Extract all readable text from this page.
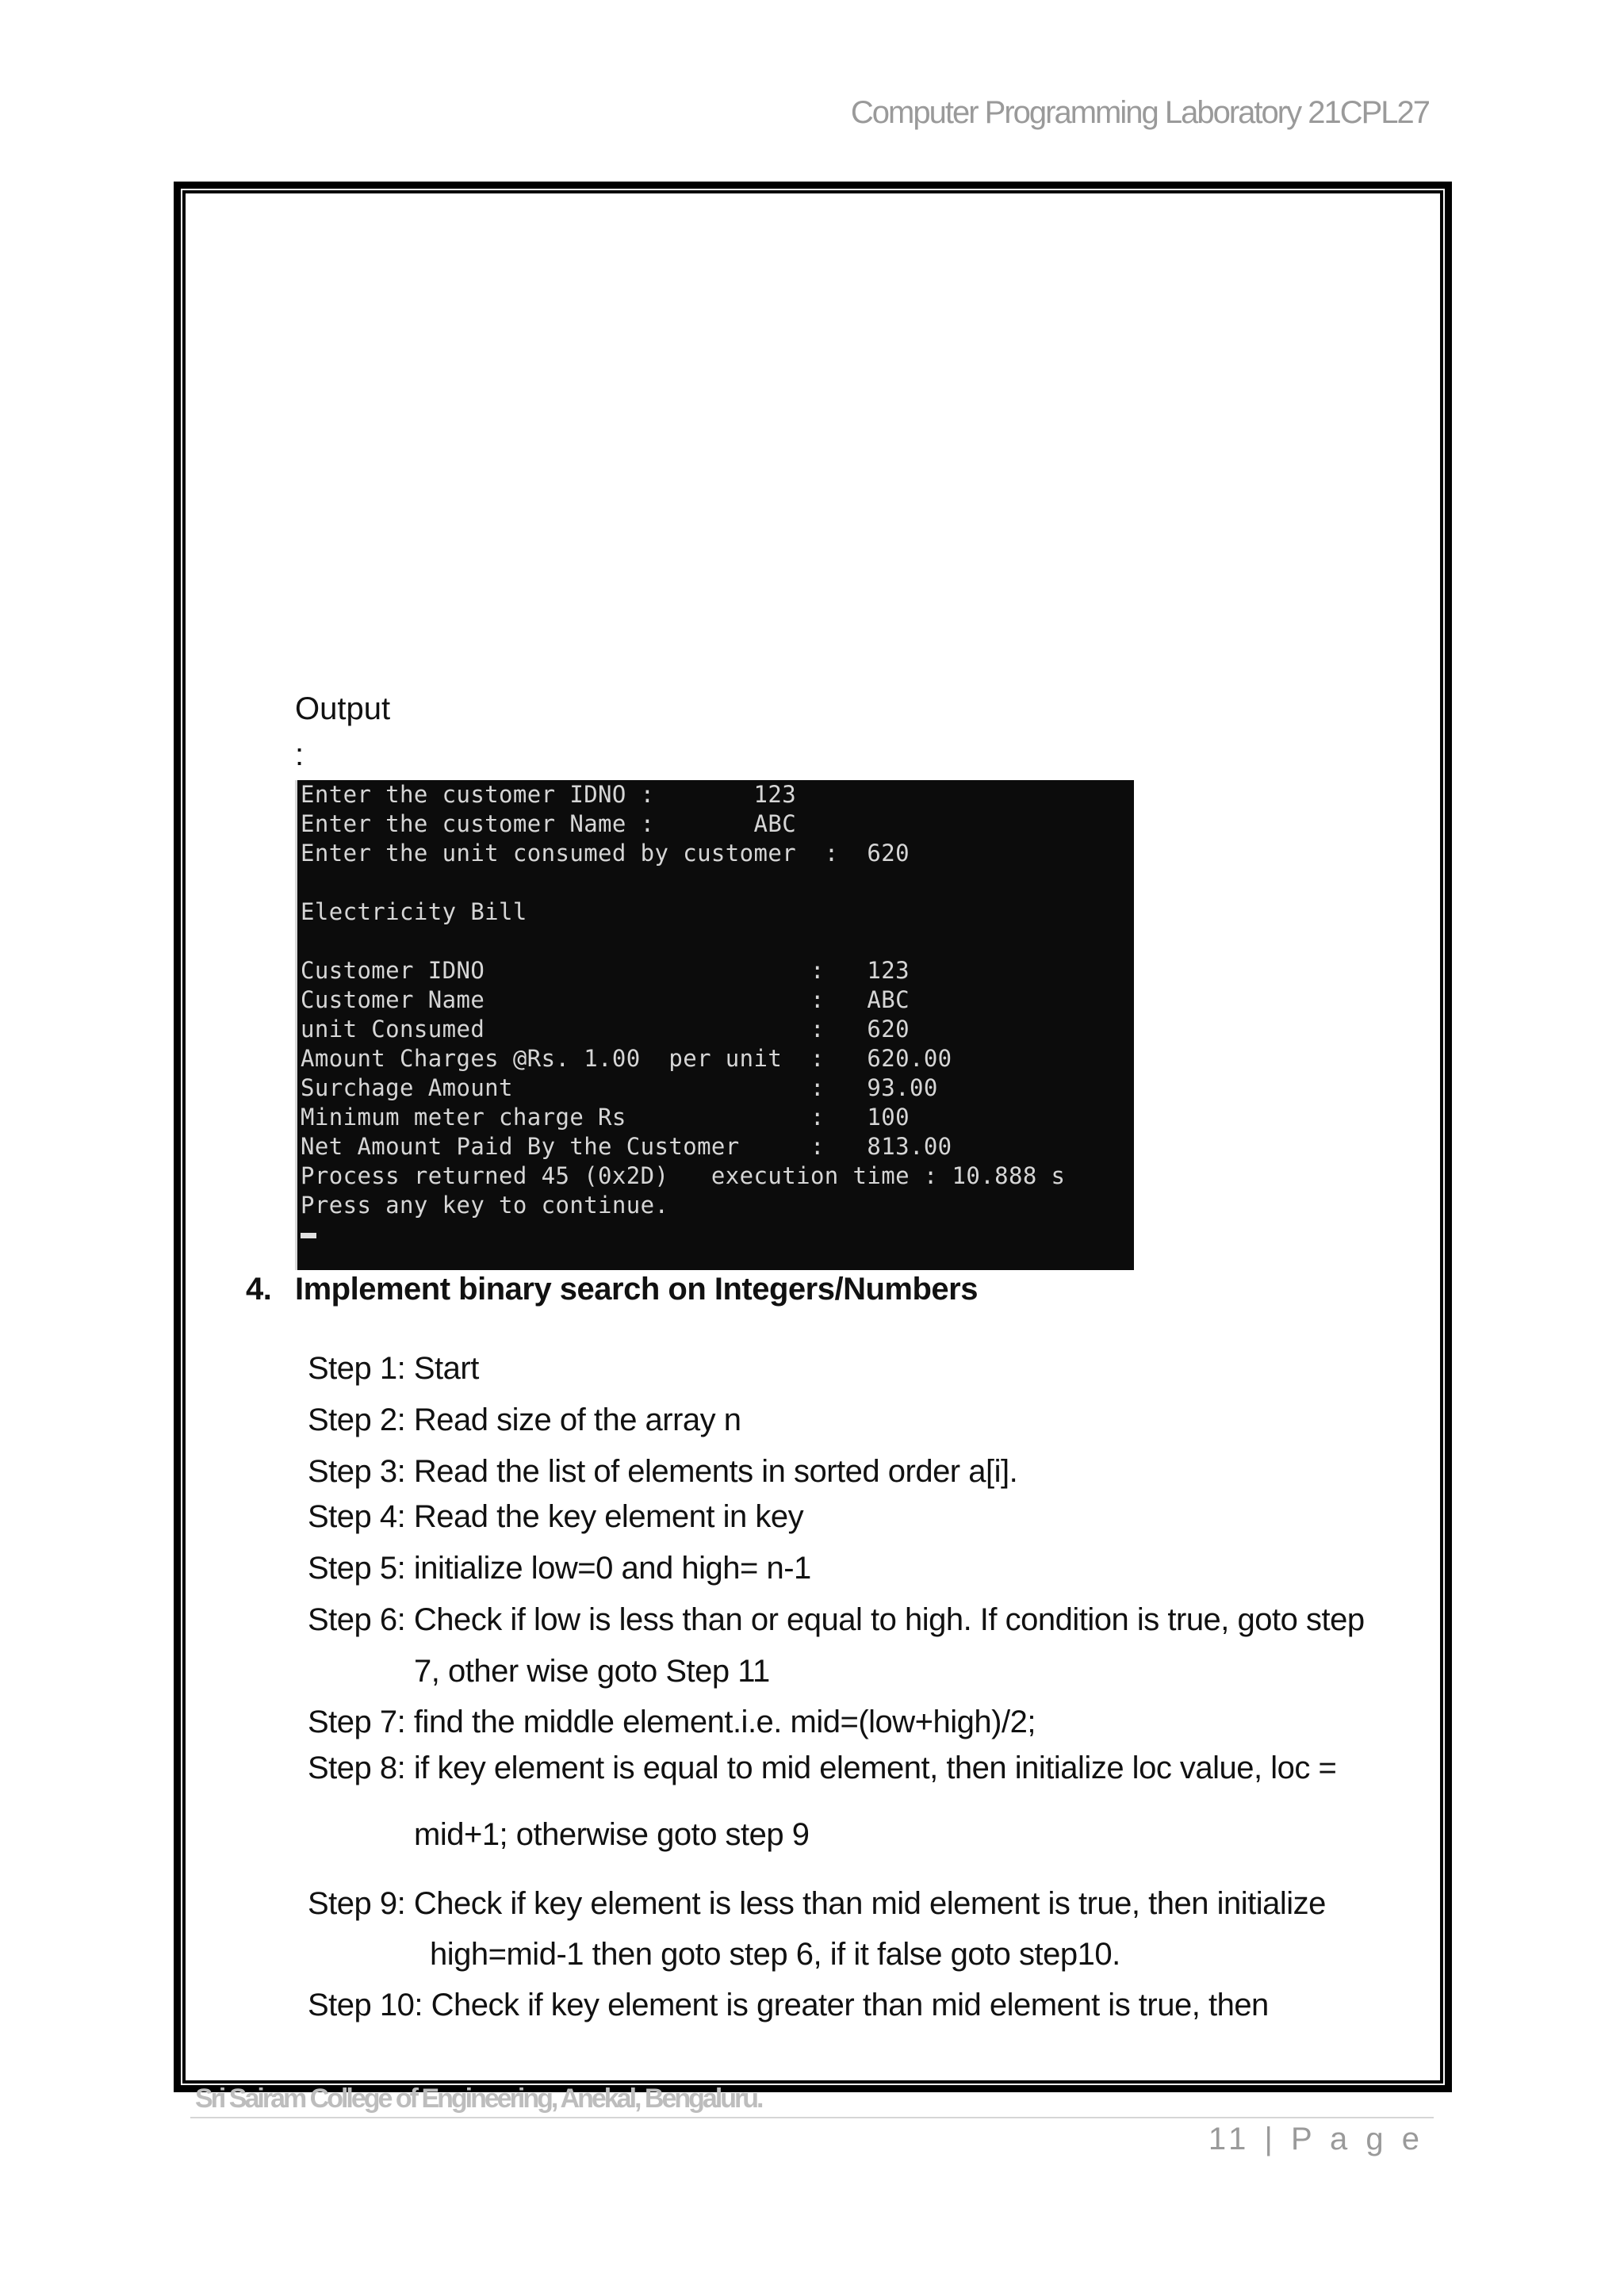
Computer Programming Laboratory 21CPL27
Output
:
Enter the customer IDNO :       123
Enter the customer Name :       ABC
Enter the unit consumed by customer  :  620
Electricity Bill
Customer IDNO                       :   123
Customer Name                       :   ABC
unit Consumed                       :   620
Amount Charges @Rs. 1.00  per unit  :   620.00
Surchage Amount                     :   93.00
Minimum meter charge Rs             :   100
Net Amount Paid By the Customer     :   813.00
Process returned 45 (0x2D)   execution time : 10.888 s
Press any key to continue.
4. Implement binary search on Integers/Numbers
Step 1: Start
Step 2: Read size of the array n
Step 3: Read the list of elements in sorted order a[i].
Step 4: Read the key element in key
Step 5: initialize low=0 and high= n-1
Step 6: Check if low is less than or equal to high. If condition is true, goto step
7, other wise goto Step 11
Step 7: find the middle element.i.e. mid=(low+high)/2;
Step 8: if key element is equal to mid element, then initialize loc value, loc =
mid+1; otherwise goto step 9
Step 9: Check if key element is less than mid element is true, then initialize
high=mid-1 then goto step 6, if it false goto step10.
Step 10: Check if key element is greater than mid element is true, then
Sri Sairam College of Engineering, Anekal, Bengaluru.
11 | P a g e
